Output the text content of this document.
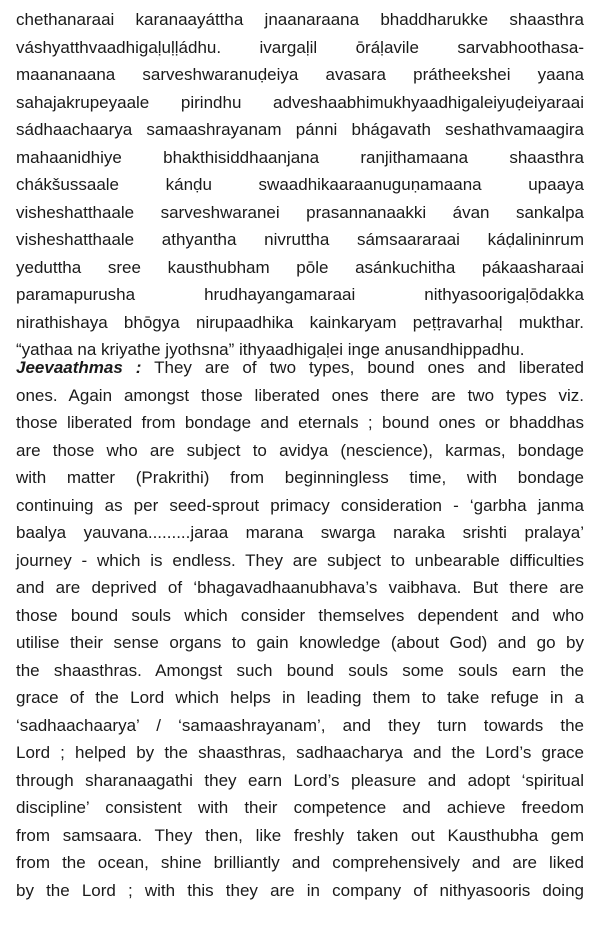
chethanaraai karanaayáttha jnaanaraana bhaddharukke shaasthra
váshyatthvaadhigaḷuḷḷádhu. ivargaḷil ōráḷavile sarvabhoothasa-
maananaana sarveshwaranuḍeiya avasara prátheekshei yaana
sahajakrupeyaale pirindhu adveshaabhimukhyaadhigaleiyuḍeiyaraai
sádhaachaarya samaashrayanam pánni bhágavath seshathvamaagira
mahaanidhiye bhakthisiddhaanjana ranjithamaana shaasthra
chákšussaale kánḍu swaadhikaaraanuguṇamaana upaaya
visheshatthaale sarveshwaranei prasannanaakki ávan sankalpa
visheshatthaale athyantha nivruttha sámsaararaai káḍalininrum
yeduttha sree kausthubham pōle asánkuchitha pákaasharaai
paramapurusha hrudhayangamaraai nithyasoorigaḷōdakka
nirathishaya bhōgya nirupaadhika kainkaryam peṭṭravarhaḷ mukthar.
“yathaa na kriyathe jyothsna” ithyaadhigaḷei inge anusandhippadhu.
Jeevaathmas : They are of two types, bound ones and liberated
ones. Again amongst those liberated ones there are two types viz.
those liberated from bondage and eternals ; bound ones or bhaddhas
are those who are subject to avidya (nescience), karmas, bondage
with matter (Prakrithi) from beginningless time, with bondage
continuing as per seed-sprout primacy consideration - ‘garbha janma
baalya yauvana.........jaraa marana swarga naraka srishti pralaya’
journey - which is endless. They are subject to unbearable difficulties
and are deprived of ‘bhagavadhaanubhava’s vaibhava. But there are
those bound souls which consider themselves dependent and who
utilise their sense organs to gain knowledge (about God) and go by
the shaasthras. Amongst such bound souls some souls earn the
grace of the Lord which helps in leading them to take refuge in a
‘sadhaachaarya’ / ‘samaashrayanam’, and they turn towards the
Lord ; helped by the shaasthras, sadhaacharya and the Lord’s grace
through sharanaagathi they earn Lord’s pleasure and adopt ‘spiritual
discipline’ consistent with their competence and achieve freedom
from samsaara. They then, like freshly taken out Kausthubha gem
from the ocean, shine brilliantly and comprehensively and are liked
by the Lord ; with this they are in company of nithyasooris doing
